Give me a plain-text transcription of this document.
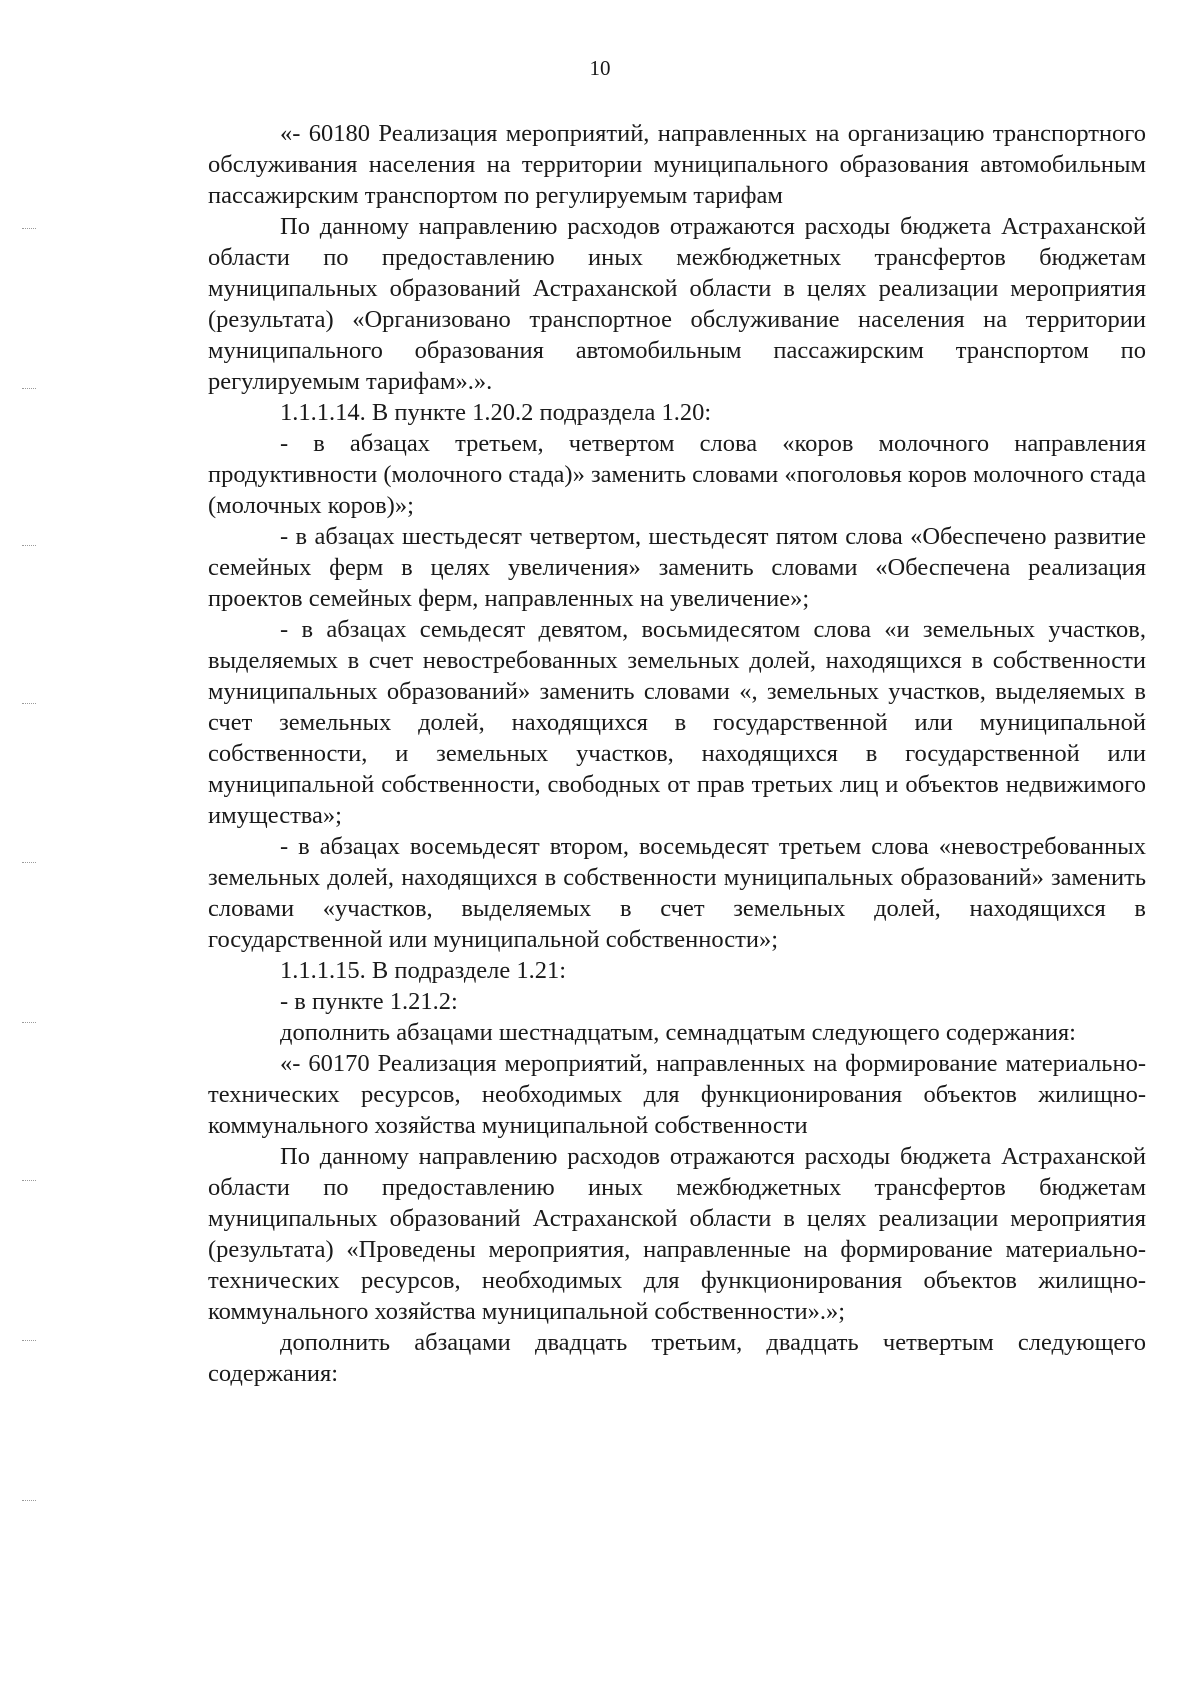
10

«- 60180 Реализация мероприятий, направленных на организацию транспортного обслуживания населения на территории муниципального образования автомобильным пассажирским транспортом по регулируемым тарифам

По данному направлению расходов отражаются расходы бюджета Астраханской области по предоставлению иных межбюджетных трансфертов бюджетам муниципальных образований Астраханской области в целях реализации мероприятия (результата) «Организовано транспортное обслуживание населения на территории муниципального образования автомобильным пассажирским транспортом по регулируемым тарифам».».

1.1.1.14. В пункте 1.20.2 подраздела 1.20:

- в абзацах третьем, четвертом слова «коров молочного направления продуктивности (молочного стада)» заменить словами «поголовья коров молочного стада (молочных коров)»;

- в абзацах шестьдесят четвертом, шестьдесят пятом слова «Обеспечено развитие семейных ферм в целях увеличения» заменить словами «Обеспечена реализация проектов семейных ферм, направленных на увеличение»;

- в абзацах семьдесят девятом, восьмидесятом слова «и земельных участков, выделяемых в счет невостребованных земельных долей, находящихся в собственности муниципальных образований» заменить словами «, земельных участков, выделяемых в счет земельных долей, находящихся в государственной или муниципальной собственности, и земельных участков, находящихся в государственной или муниципальной собственности, свободных от прав третьих лиц и объектов недвижимого имущества»;

- в абзацах восемьдесят втором, восемьдесят третьем слова «невостребованных земельных долей, находящихся в собственности муниципальных образований» заменить словами «участков, выделяемых в счет земельных долей, находящихся в государственной или муниципальной собственности»;

1.1.1.15. В подразделе 1.21:

- в пункте 1.21.2:

дополнить абзацами шестнадцатым, семнадцатым следующего содержания:

«- 60170 Реализация мероприятий, направленных на формирование материально-технических ресурсов, необходимых для функционирования объектов жилищно-коммунального хозяйства муниципальной собственности

По данному направлению расходов отражаются расходы бюджета Астраханской области по предоставлению иных межбюджетных трансфертов бюджетам муниципальных образований Астраханской области в целях реализации мероприятия (результата) «Проведены мероприятия, направленные на формирование материально-технических ресурсов, необходимых для функционирования объектов жилищно-коммунального хозяйства муниципальной собственности».»;

дополнить абзацами двадцать третьим, двадцать четвертым следующего содержания:
